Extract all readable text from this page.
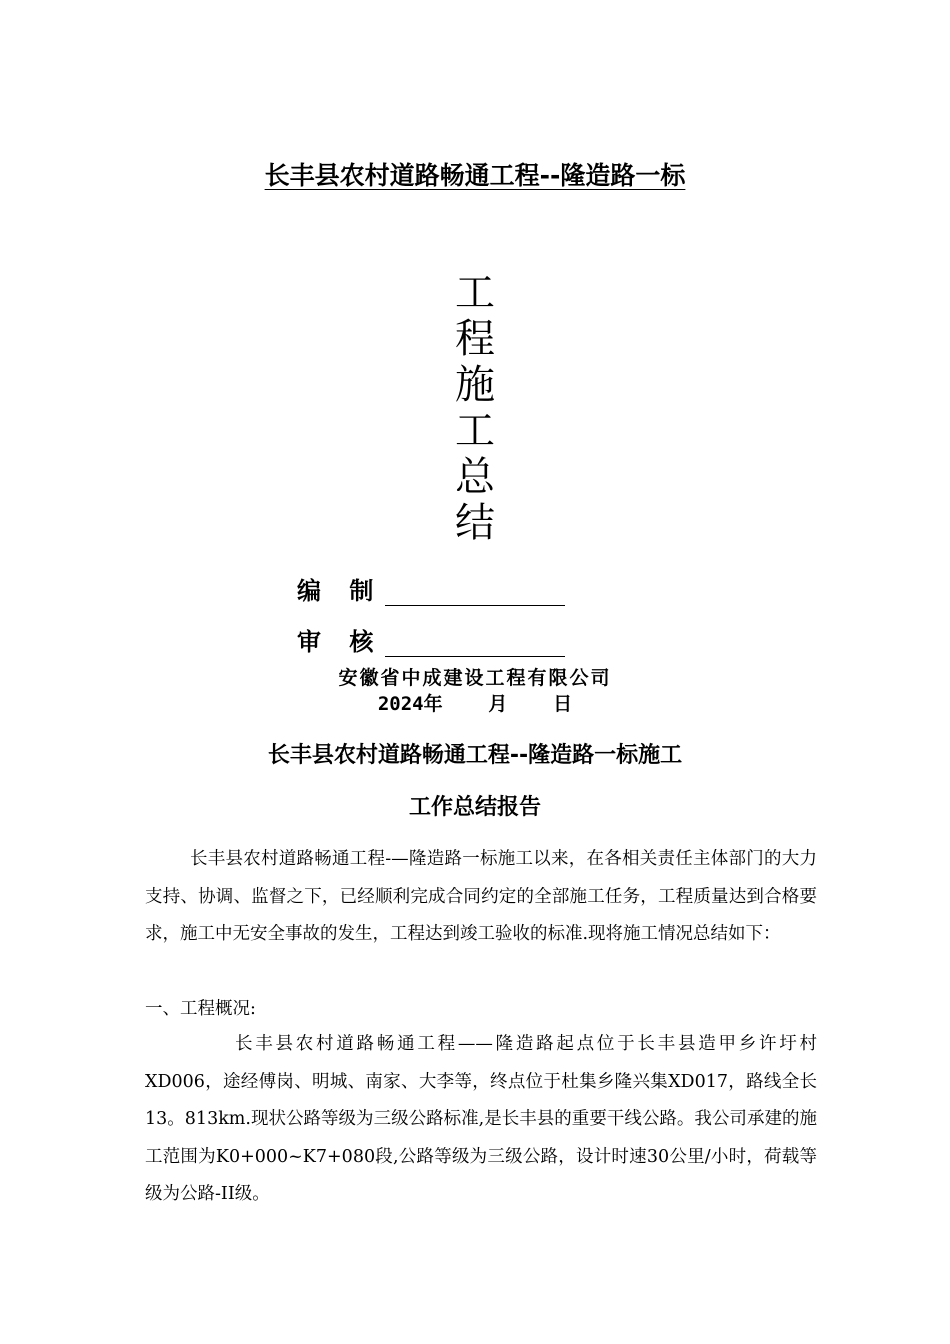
长丰县农村道路畅通工程--隆造路一标
工
程
施
工
总
结
编 制
审 核
安徽省中成建设工程有限公司
2024年    月    日
长丰县农村道路畅通工程--隆造路一标施工
工作总结报告
长丰县农村道路畅通工程-—隆造路一标施工以来，在各相关责任主体部门的大力支持、协调、监督之下，已经顺利完成合同约定的全部施工任务，工程质量达到合格要求，施工中无安全事故的发生，工程达到竣工验收的标准.现将施工情况总结如下：
一、工程概况:
长丰县农村道路畅通工程——隆造路起点位于长丰县造甲乡许圩村XD006，途经傅岗、明城、南家、大李等，终点位于杜集乡隆兴集XD017，路线全长13。813km.现状公路等级为三级公路标准,是长丰县的重要干线公路。我公司承建的施工范围为K0+000~K7+080段,公路等级为三级公路，设计时速30公里/小时，荷载等级为公路-II级。
